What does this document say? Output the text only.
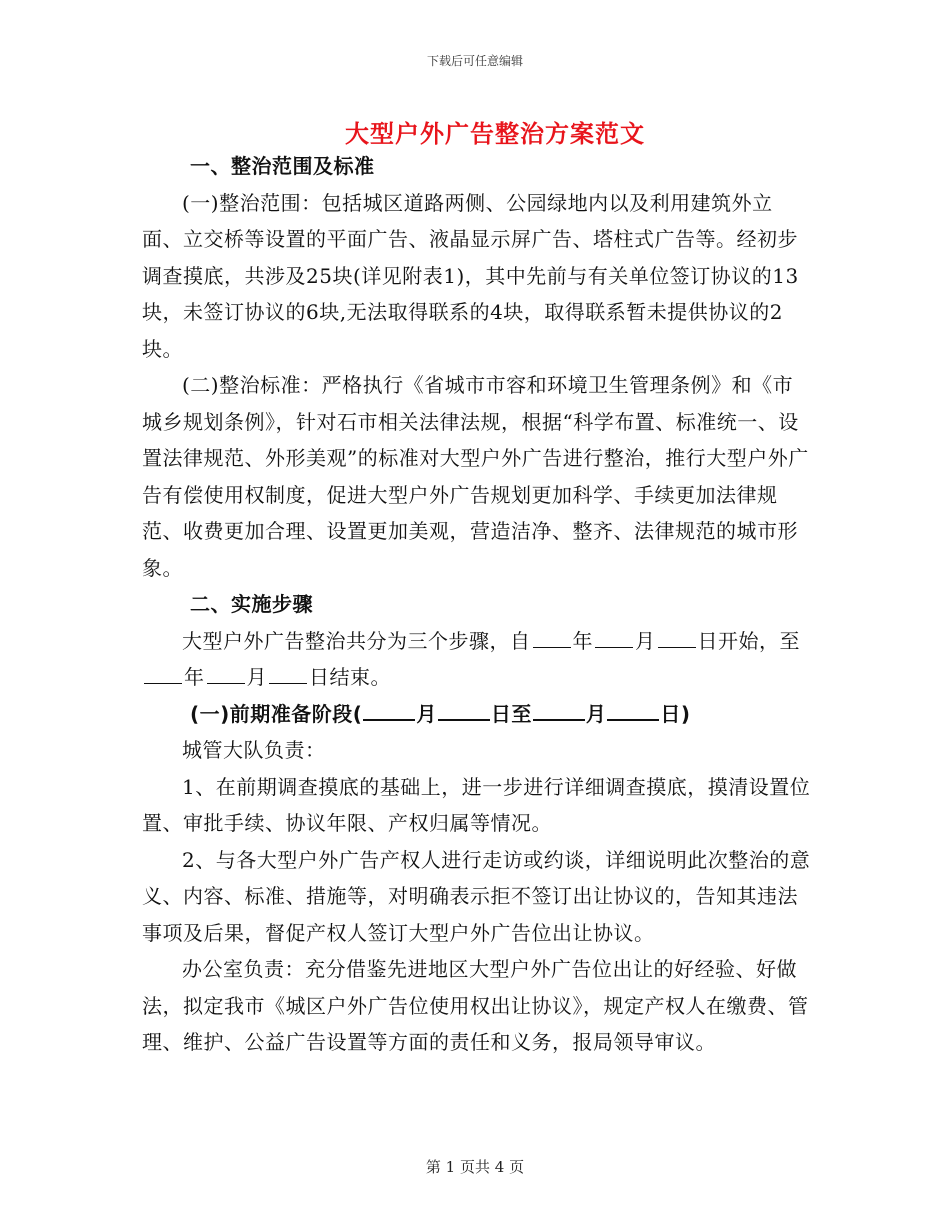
下载后可任意编辑
大型户外广告整治方案范文

一、整治范围及标准

(一)整治范围：包括城区道路两侧、公园绿地内以及利用建筑外立面、立交桥等设置的平面广告、液晶显示屏广告、塔柱式广告等。经初步调查摸底，共涉及25块(详见附表1)，其中先前与有关单位签订协议的13块，未签订协议的6块,无法取得联系的4块，取得联系暂未提供协议的2块。

(二)整治标准：严格执行《省城市市容和环境卫生管理条例》和《市城乡规划条例》，针对石市相关法律法规，根据“科学布置、标准统一、设置法律规范、外形美观”的标准对大型户外广告进行整治，推行大型户外广告有偿使用权制度，促进大型户外广告规划更加科学、手续更加法律规范、收费更加合理、设置更加美观，营造洁净、整齐、法律规范的城市形象。

二、实施步骤

大型户外广告整治共分为三个步骤，自 年 月 日开始，至年 月 日结束。

(一)前期准备阶段(	月	日至	月	日)

城管大队负责：

1、在前期调查摸底的基础上，进一步进行详细调查摸底，摸清设置位置、审批手续、协议年限、产权归属等情况。

2、与各大型户外广告产权人进行走访或约谈，详细说明此次整治的意义、内容、标准、措施等，对明确表示拒不签订出让协议的，告知其违法事项及后果，督促产权人签订大型户外广告位出让协议。

办公室负责：充分借鉴先进地区大型户外广告位出让的好经验、好做法，拟定我市《城区户外广告位使用权出让协议》，规定产权人在缴费、管理、维护、公益广告设置等方面的责任和义务，报局领导审议。

第 1 页共 4 页
